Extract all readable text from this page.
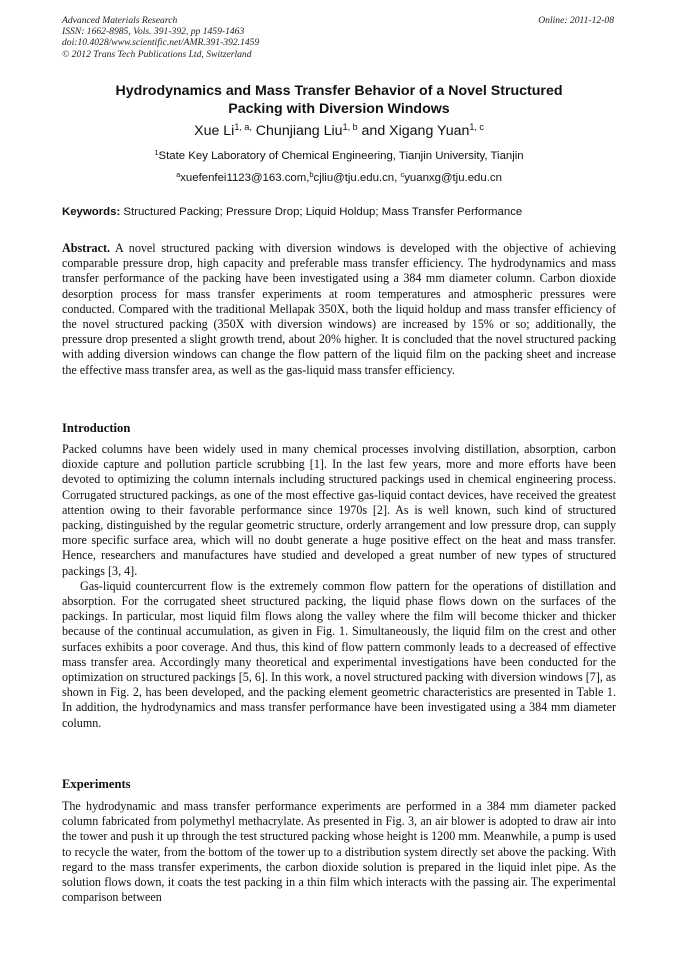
Advanced Materials Research
ISSN: 1662-8985, Vols. 391-392, pp 1459-1463
doi:10.4028/www.scientific.net/AMR.391-392.1459
© 2012 Trans Tech Publications Ltd, Switzerland
Online: 2011-12-08
Hydrodynamics and Mass Transfer Behavior of a Novel Structured
Packing with Diversion Windows
Xue $Li^{1, a,}$ Chunjiang Liu$^{1, b}$ and Xigang Yuan$^{1, c}$
$^1$State Key Laboratory of Chemical Engineering, Tianjin University, Tianjin
$^a$xuefenfei1123@163.com,$^b$cjliu@tju.edu.cn, $^c$yuanxg@tju.edu.cn
Keywords: Structured Packing; Pressure Drop; Liquid Holdup; Mass Transfer Performance

Abstract. A novel structured packing with diversion windows is developed with the objective of achieving comparable pressure drop, high capacity and preferable mass transfer efficiency. The hydrodynamics and mass transfer performance of the packing have been investigated using a 384 mm diameter column. Carbon dioxide desorption process for mass transfer experiments at room temperatures and atmospheric pressures were conducted. Compared with the traditional Mellapak 350X, both the liquid holdup and mass transfer efficiency of the novel structured packing (350X with diversion windows) are increased by 15% or so; additionally, the pressure drop presented a slight growth trend, about 20% higher. It is concluded that the novel structured packing with adding diversion windows can change the flow pattern of the liquid film on the packing sheet and increase the effective mass transfer area, as well as the gas-liquid mass transfer efficiency.

Introduction

Packed columns have been widely used in many chemical processes involving distillation, absorption, carbon dioxide capture and pollution particle scrubbing [1]. In the last few years, more and more efforts have been devoted to optimizing the column internals including structured packings used in chemical engineering process. Corrugated structured packings, as one of the most effective gas-liquid contact devices, have received the greatest attention owing to their favorable performance since 1970s [2]. As is well known, such kind of structured packing, distinguished by the regular geometric structure, orderly arrangement and low pressure drop, can supply more specific surface area, which will no doubt generate a huge positive effect on the heat and mass transfer. Hence, researchers and manufactures have studied and developed a great number of new types of structured packings [3, 4].

Gas-liquid countercurrent flow is the extremely common flow pattern for the operations of distillation and absorption. For the corrugated sheet structured packing, the liquid phase flows down on the surfaces of the packings. In particular, most liquid film flows along the valley where the film will become thicker and thicker because of the continual accumulation, as given in Fig. 1. Simultaneously, the liquid film on the crest and other surfaces exhibits a poor coverage. And thus, this kind of flow pattern commonly leads to a decreased of effective mass transfer area. Accordingly many theoretical and experimental investigations have been conducted for the optimization on structured packings [5, 6]. In this work, a novel structured packing with diversion windows [7], as shown in Fig. 2, has been developed, and the packing element geometric characteristics are presented in Table 1. In addition, the hydrodynamics and mass transfer performance have been investigated using a 384 mm diameter column.

Experiments

The hydrodynamic and mass transfer performance experiments are performed in a 384 mm diameter packed column fabricated from polymethyl methacrylate. As presented in Fig. 3, an air blower is adopted to draw air into the tower and push it up through the test structured packing whose height is 1200 mm. Meanwhile, a pump is used to recycle the water, from the bottom of the tower up to a distribution system directly set above the packing. With regard to the mass transfer experiments, the carbon dioxide solution is prepared in the liquid inlet pipe. As the solution flows down, it coats the test packing in a thin film which interacts with the passing air. The experimental comparison between
